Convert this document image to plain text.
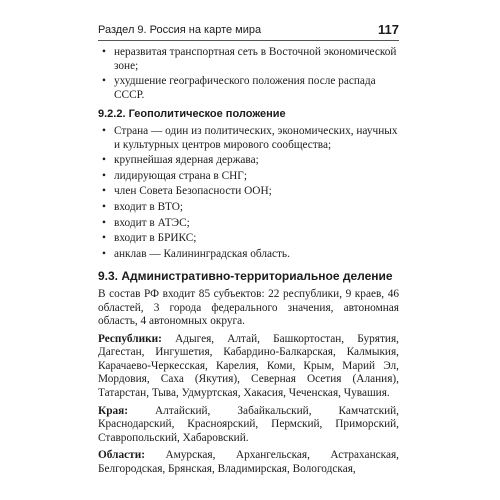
Раздел 9. Россия на карте мира	117
• неразвитая транспортная сеть в Восточной экономической зоне;
• ухудшение географического положения после распада СССР.
9.2.2. Геополитическое положение
• Страна — один из политических, экономических, научных и культурных центров мирового сообщества;
• крупнейшая ядерная держава;
• лидирующая страна в СНГ;
• член Совета Безопасности ООН;
• входит в ВТО;
• входит в АТЭС;
• входит в БРИКС;
• анклав — Калининградская область.
9.3. Административно-территориальное деление

В состав РФ входит 85 субъектов: 22 республики, 9 краев, 46 областей, 3 города федерального значения, автономная область, 4 автономных округа.

Республики: Адыгея, Алтай, Башкортостан, Бурятия, Дагестан, Ингушетия, Кабардино-Балкарская, Калмыкия, Карачаево-Черкесская, Карелия, Коми, Крым, Марий Эл, Мордовия, Саха (Якутия), Северная Осетия (Алания), Татарстан, Тыва, Удмуртская, Хакасия, Чеченская, Чувашия.

Края: Алтайский, Забайкальский, Камчатский, Краснодарский, Красноярский, Пермский, Приморский, Ставропольский, Хабаровский.

Области: Амурская, Архангельская, Астраханская, Белгородская, Брянская, Владимирская, Вологодская,
